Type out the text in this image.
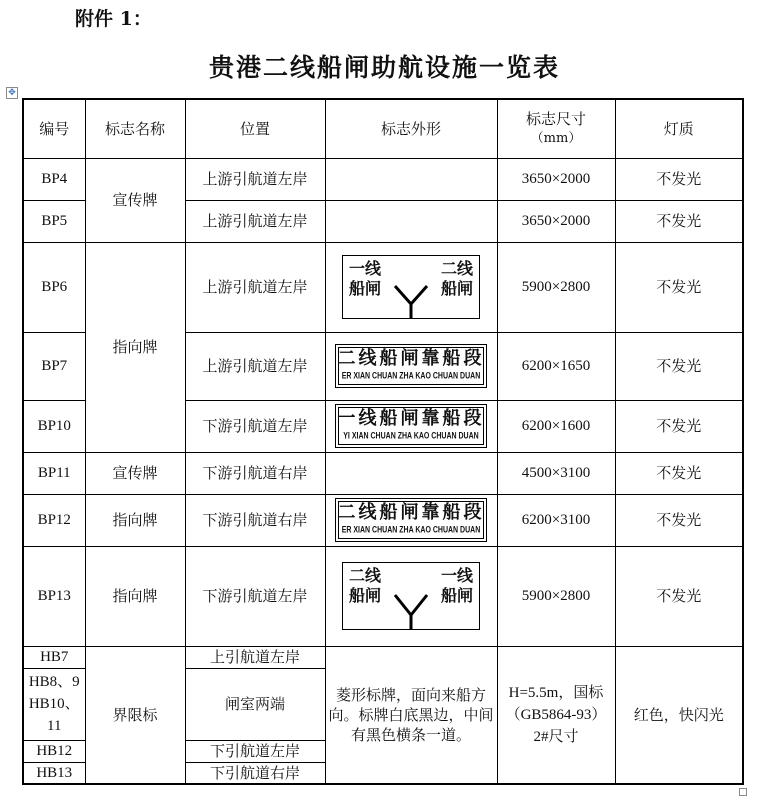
附件 1：
贵港二线船闸助航设施一览表
✥
编号	标志名称	位置	标志外形	标志尺寸
（mm）	灯质
BP4	宣传牌	上游引航道左岸		3650×2000	不发光
BP5		上游引航道左岸		3650×2000	不发光
BP6	指向牌	上游引航道左岸	一线 二线
船闸 船闸	5900×2800	不发光
BP7		上游引航道左岸	二线船闸靠船段
ER XIAN CHUAN ZHA KAO CHUAN DUAN	6200×1650	不发光
BP10		下游引航道左岸	一线船闸靠船段
YI XIAN CHUAN ZHA KAO CHUAN DUAN	6200×1600	不发光
BP11	宣传牌	下游引航道右岸		4500×3100	不发光
BP12	指向牌	下游引航道右岸	二线船闸靠船段
ER XIAN CHUAN ZHA KAO CHUAN DUAN	6200×3100	不发光
BP13	指向牌	下游引航道左岸	二线 一线
船闸 船闸	5900×2800	不发光
HB7	界限标	上引航道左岸	菱形标牌，面向来船方向。标牌白底黑边，中间有黑色横条一道。	H=5.5m，国标（GB5864-93）2#尺寸	红色，快闪光
HB8、9 HB10、11		闸室两端			
HB12		下引航道左岸			
HB13		下引航道右岸			
